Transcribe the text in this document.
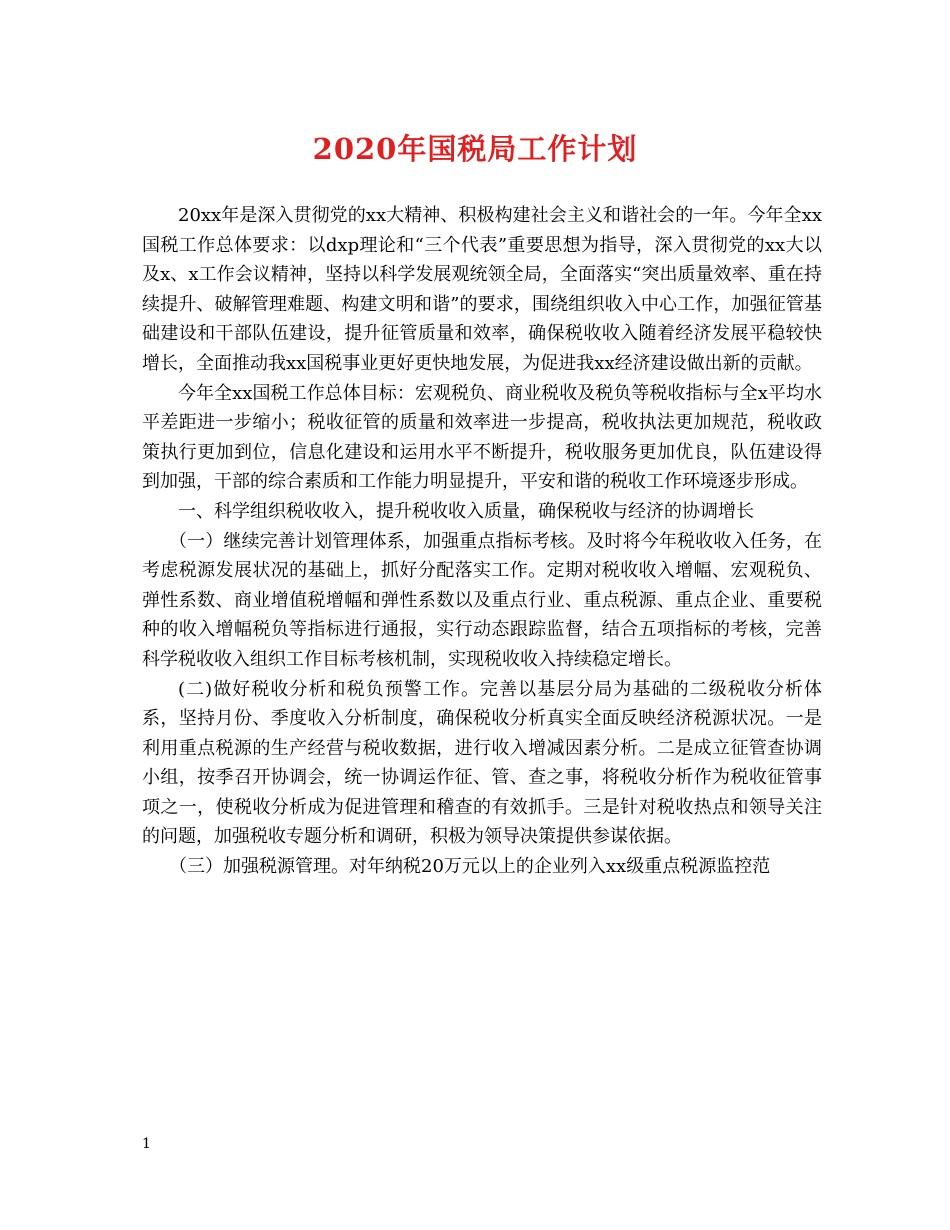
2020年国税局工作计划

20xx年是深入贯彻党的xx大精神、积极构建社会主义和谐社会的一年。今年全xx国税工作总体要求：以dxp理论和“三个代表”重要思想为指导，深入贯彻党的xx大以及x、x工作会议精神，坚持以科学发展观统领全局，全面落实“突出质量效率、重在持续提升、破解管理难题、构建文明和谐”的要求，围绕组织收入中心工作，加强征管基础建设和干部队伍建设，提升征管质量和效率，确保税收收入随着经济发展平稳较快增长，全面推动我xx国税事业更好更快地发展，为促进我xx经济建设做出新的贡献。

今年全xx国税工作总体目标：宏观税负、商业税收及税负等税收指标与全x平均水平差距进一步缩小；税收征管的质量和效率进一步提高，税收执法更加规范，税收政策执行更加到位，信息化建设和运用水平不断提升，税收服务更加优良，队伍建设得到加强，干部的综合素质和工作能力明显提升，平安和谐的税收工作环境逐步形成。

一、科学组织税收收入，提升税收收入质量，确保税收与经济的协调增长

（一）继续完善计划管理体系，加强重点指标考核。及时将今年税收收入任务，在考虑税源发展状况的基础上，抓好分配落实工作。定期对税收收入增幅、宏观税负、弹性系数、商业增值税增幅和弹性系数以及重点行业、重点税源、重点企业、重要税种的收入增幅税负等指标进行通报，实行动态跟踪监督，结合五项指标的考核，完善科学税收收入组织工作目标考核机制，实现税收收入持续稳定增长。

(二)做好税收分析和税负预警工作。完善以基层分局为基础的二级税收分析体系，坚持月份、季度收入分析制度，确保税收分析真实全面反映经济税源状况。一是利用重点税源的生产经营与税收数据，进行收入增减因素分析。二是成立征管查协调小组，按季召开协调会，统一协调运作征、管、查之事，将税收分析作为税收征管事项之一，使税收分析成为促进管理和稽查的有效抓手。三是针对税收热点和领导关注的问题，加强税收专题分析和调研，积极为领导决策提供参谋依据。

（三）加强税源管理。对年纳税20万元以上的企业列入xx级重点税源监控范

1
